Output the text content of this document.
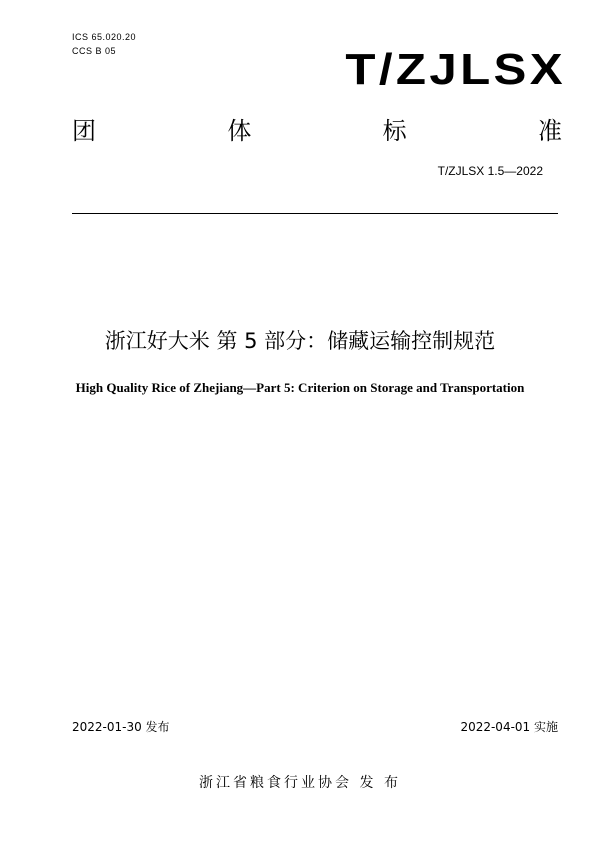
ICS 65.020.20
CCS B 05	T/ZJLSX
团	体	标	准
T/ZJLSX 1.5—2022
浙江好大米 第 5 部分：储藏运输控制规范
High Quality Rice of Zhejiang—Part 5: Criterion on Storage and Transportation
2022-01-30 发布	2022-04-01 实施
浙江省粮食行业协会 发 布
